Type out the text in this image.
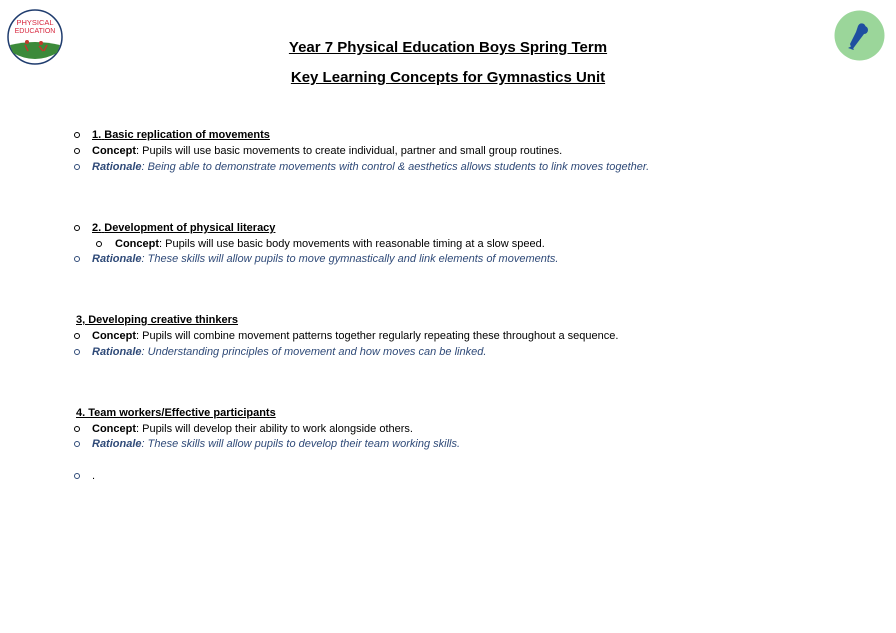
PHYSICAL
EDUCATION
Year 7 Physical Education Boys Spring Term
Key Learning Concepts for Gymnastics Unit
1. Basic replication of movements
Concept: Pupils will use basic movements to create individual, partner and small group routines.
Rationale: Being able to demonstrate movements with control & aesthetics allows students to link moves together.
2. Development of physical literacy
Concept: Pupils will use basic body movements with reasonable timing at a slow speed.
Rationale: These skills will allow pupils to move gymnastically and link elements of movements.
3, Developing creative thinkers
Concept: Pupils will combine movement patterns together regularly repeating these throughout a sequence.
Rationale: Understanding principles of movement and how moves can be linked.
4. Team workers/Effective participants
Concept: Pupils will develop their ability to work alongside others.
Rationale: These skills will allow pupils to develop their team working skills.
.
